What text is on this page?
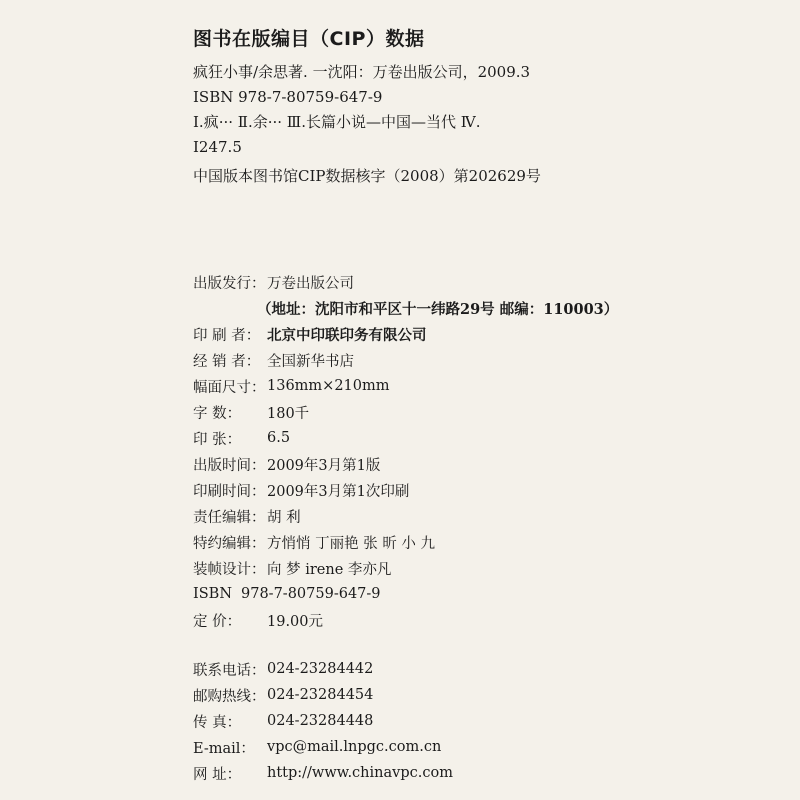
图书在版编目（CIP）数据
疯狂小事/余思著. 一沈阳：万卷出版公司，2009.3
ISBN 978-7-80759-647-9
Ⅰ.疯··· Ⅱ.余··· Ⅲ.长篇小说—中国—当代 Ⅳ.
I247.5
中国版本图书馆CIP数据核字（2008）第202629号
出版发行： 万卷出版公司
（地址：沈阳市和平区十一纬路29号 邮编：110003）
印 刷 者： 北京中印联印务有限公司
经 销 者： 全国新华书店
幅面尺寸： 136mm×210mm
字 数：	180千
印 张：	6.5
出版时间： 2009年3月第1版
印刷时间： 2009年3月第1次印刷
责任编辑： 胡 利
特约编辑： 方悄悄 丁丽艳 张 昕 小 九
装帧设计： 向 梦 irene 李亦凡
ISBN 978-7-80759-647-9
定 价：	19.00元
联系电话： 024-23284442
邮购热线： 024-23284454
传 真：	024-23284448
E-mail： vpc@mail.lnpgc.com.cn
网 址：	http://www.chinavpc.com
